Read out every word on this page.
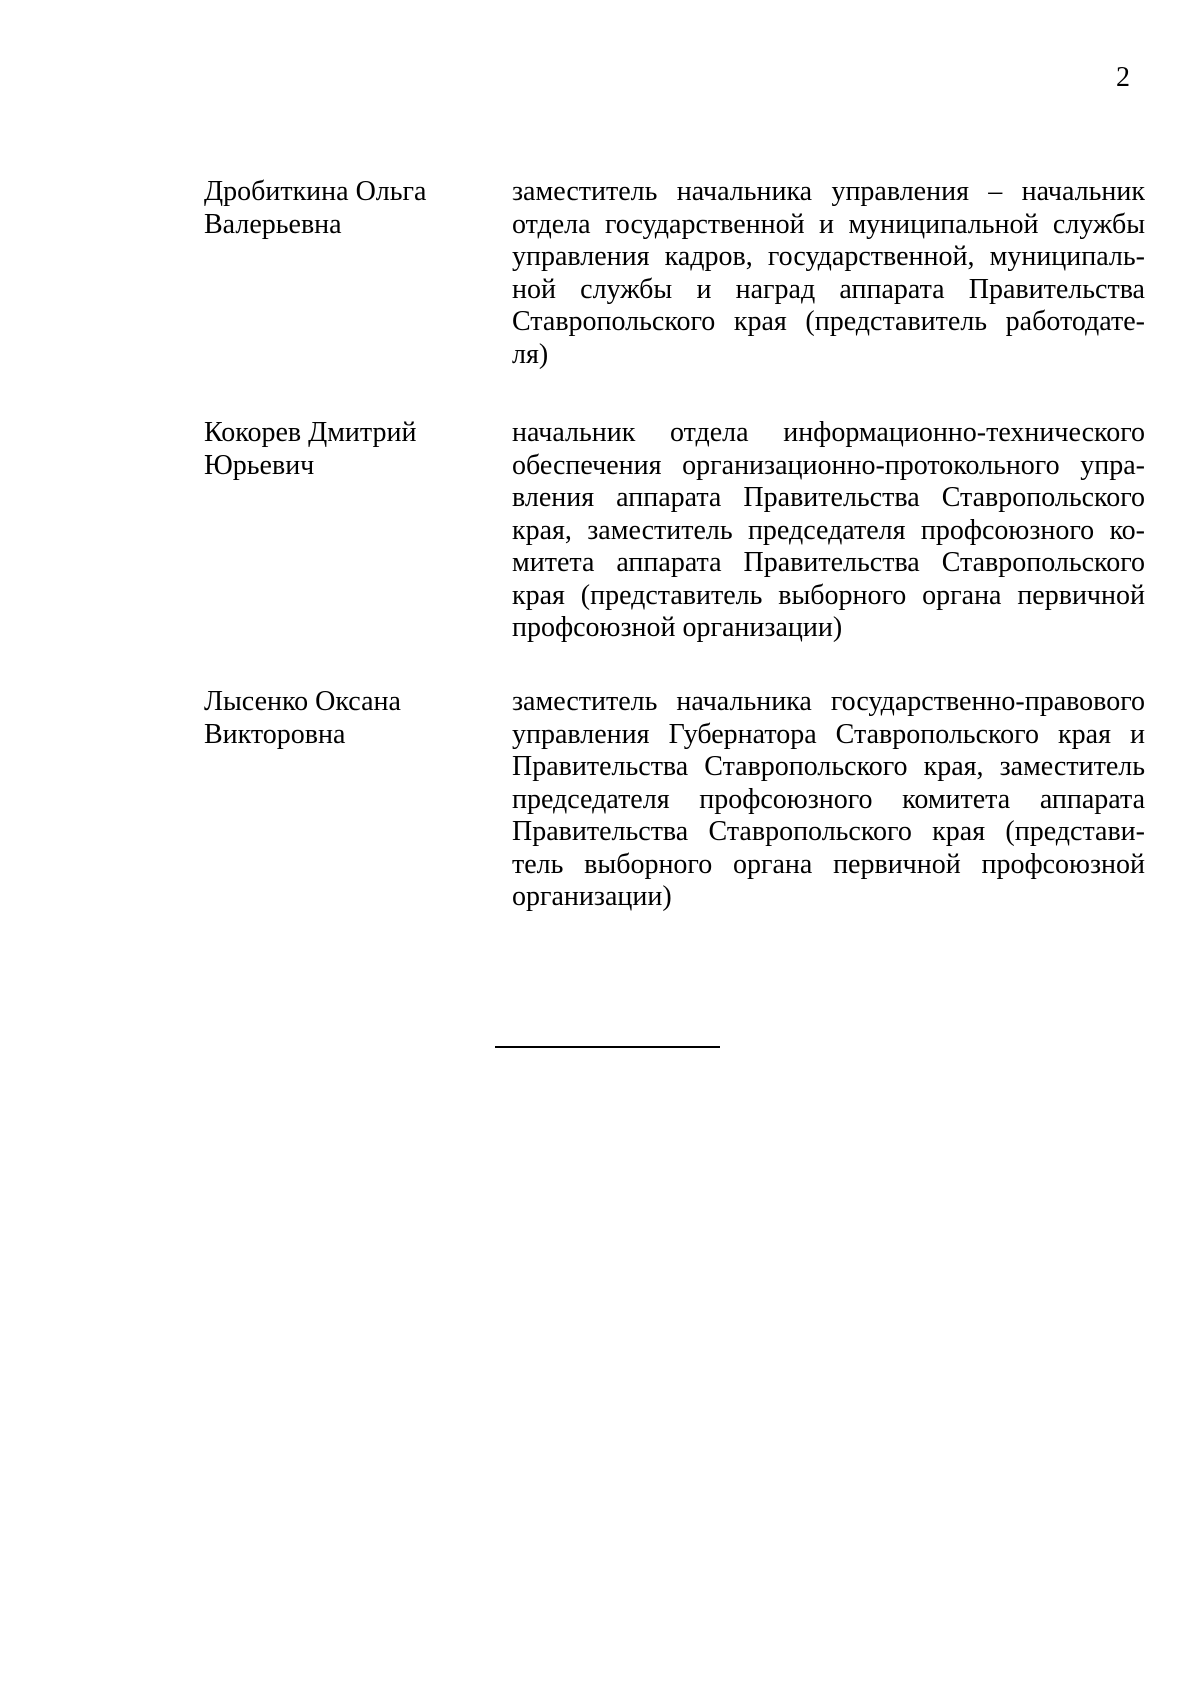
2
Дробиткина Ольга
Валерьевна
заместитель начальника управления – начальник
отдела государственной и муниципальной службы
управления кадров, государственной, муниципаль-
ной службы и наград аппарата Правительства
Ставропольского края (представитель работодате-
ля)
Кокорев Дмитрий
Юрьевич
начальник отдела информационно-технического
обеспечения организационно-протокольного упра-
вления аппарата Правительства Ставропольского
края, заместитель председателя профсоюзного ко-
митета аппарата Правительства Ставропольского
края (представитель выборного органа первичной
профсоюзной организации)
Лысенко Оксана
Викторовна
заместитель начальника государственно-правового
управления Губернатора Ставропольского края и
Правительства Ставропольского края, заместитель
председателя профсоюзного комитета аппарата
Правительства Ставропольского края (представи-
тель выборного органа первичной профсоюзной
организации)
